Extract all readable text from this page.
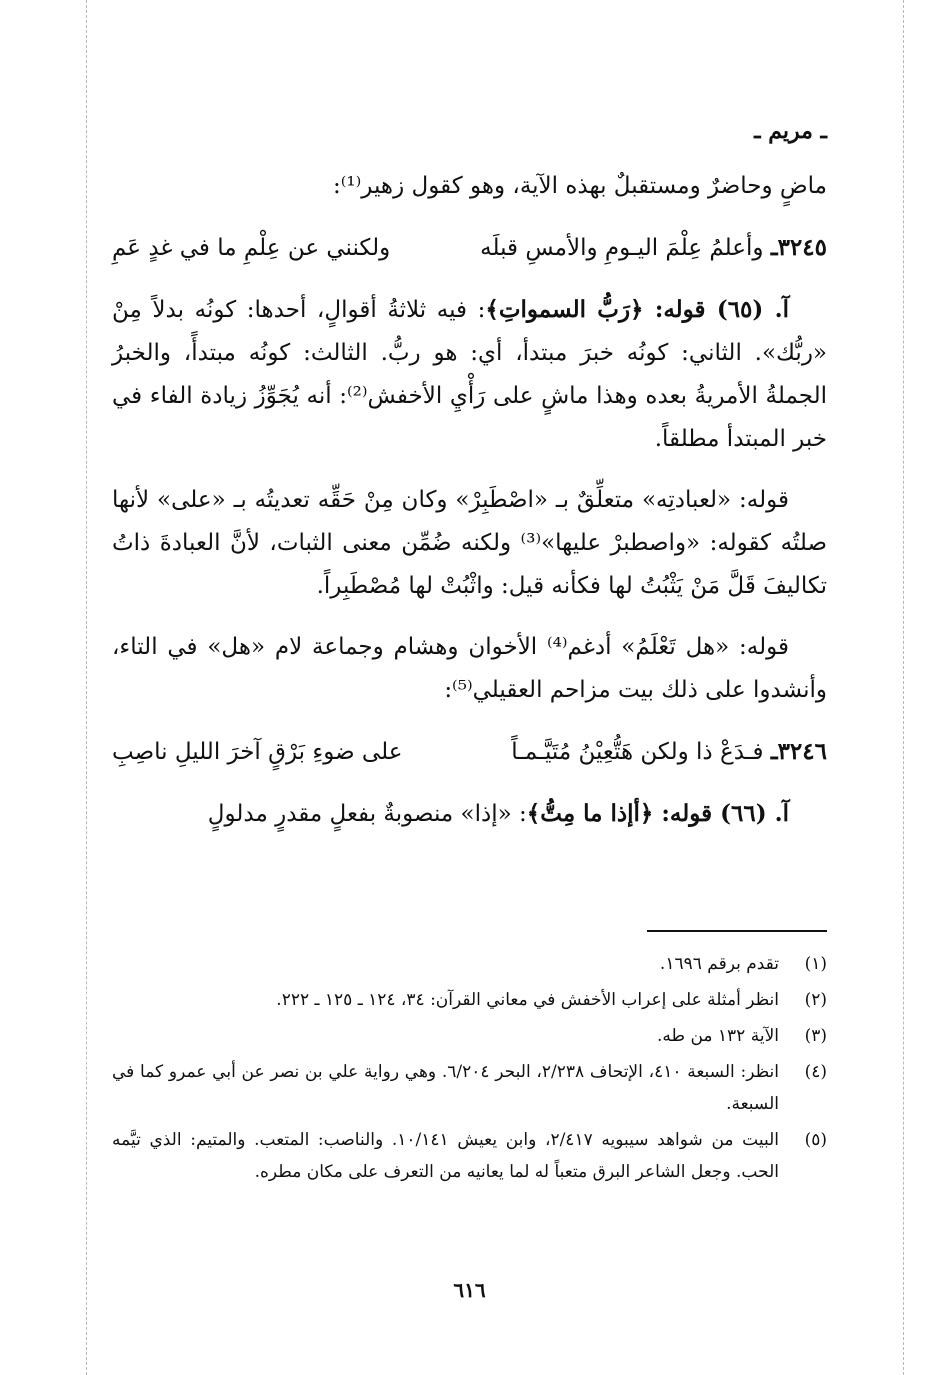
ـ مريم ـ

ماضٍ وحاضرٌ ومستقبلٌ بهذه الآية، وهو كقول زهير⁽¹⁾:

٣٢٤٥ـ وأعلمُ عِلْمَ اليـومِ والأمسِ قبلَه
ولكنني عن عِلْمِ ما في غدٍ عَمِ

آ. (٦٥) قوله: ﴿رَبُّ السمواتِ﴾: فيه ثلاثةُ أقوالٍ، أحدها: كونُه بدلاً مِنْ «ربُّك». الثاني: كونُه خبرَ مبتدأ، أي: هو ربُّ. الثالث: كونُه مبتدأً، والخبرُ الجملةُ الأمريةُ بعده وهذا ماشٍ على رَأْيِ الأخفش⁽²⁾: أنه يُجَوِّزُ زيادة الفاء في خبر المبتدأ مطلقاً.

قوله: «لعبادتِه» متعلِّقٌ بـ «اصْطَبِرْ» وكان مِنْ حَقِّه تعديتُه بـ «على» لأنها صلتُه كقوله: «واصطبرْ عليها»⁽³⁾ ولكنه ضُمِّن معنى الثبات، لأنَّ العبادةَ ذاتُ تكاليفَ قَلَّ مَنْ يَثْبُتُ لها فكأنه قيل: واثْبُتْ لها مُصْطَبِراً.

قوله: «هل تَعْلَمُ» أدغم⁽⁴⁾ الأخوان وهشام وجماعة لام «هل» في التاء، وأنشدوا على ذلك بيت مزاحم العقيلي⁽⁵⁾:

٣٢٤٦ـ فـدَعْ ذا ولكن هَتُّعِيْنُ مُتَيَّـمـاً
على ضوءِ بَرْقٍ آخرَ الليلِ ناصِبِ

آ. (٦٦) قوله: ﴿أإذا ما مِتُّ﴾: «إذا» منصوبةٌ بفعلٍ مقدرٍ مدلولٍ

(١)
تقدم برقم ١٦٩٦.
(٢)
انظر أمثلة على إعراب الأخفش في معاني القرآن: ٣٤، ١٢٤ ـ ١٢٥ ـ ٢٢٢.
(٣)
الآية ١٣٢ من طه.
(٤)
انظر: السبعة ٤١٠، الإتحاف ٢/٢٣٨، البحر ٦/٢٠٤. وهي رواية علي بن نصر عن أبي عمرو كما في السبعة.
(٥)
البيت من شواهد سيبويه ٢/٤١٧، وابن يعيش ١٠/١٤١. والناصب: المتعب. والمتيم: الذي تيَّمه الحب. وجعل الشاعر البرق متعباً له لما يعانيه من التعرف على مكان مطره.
٦١٦
